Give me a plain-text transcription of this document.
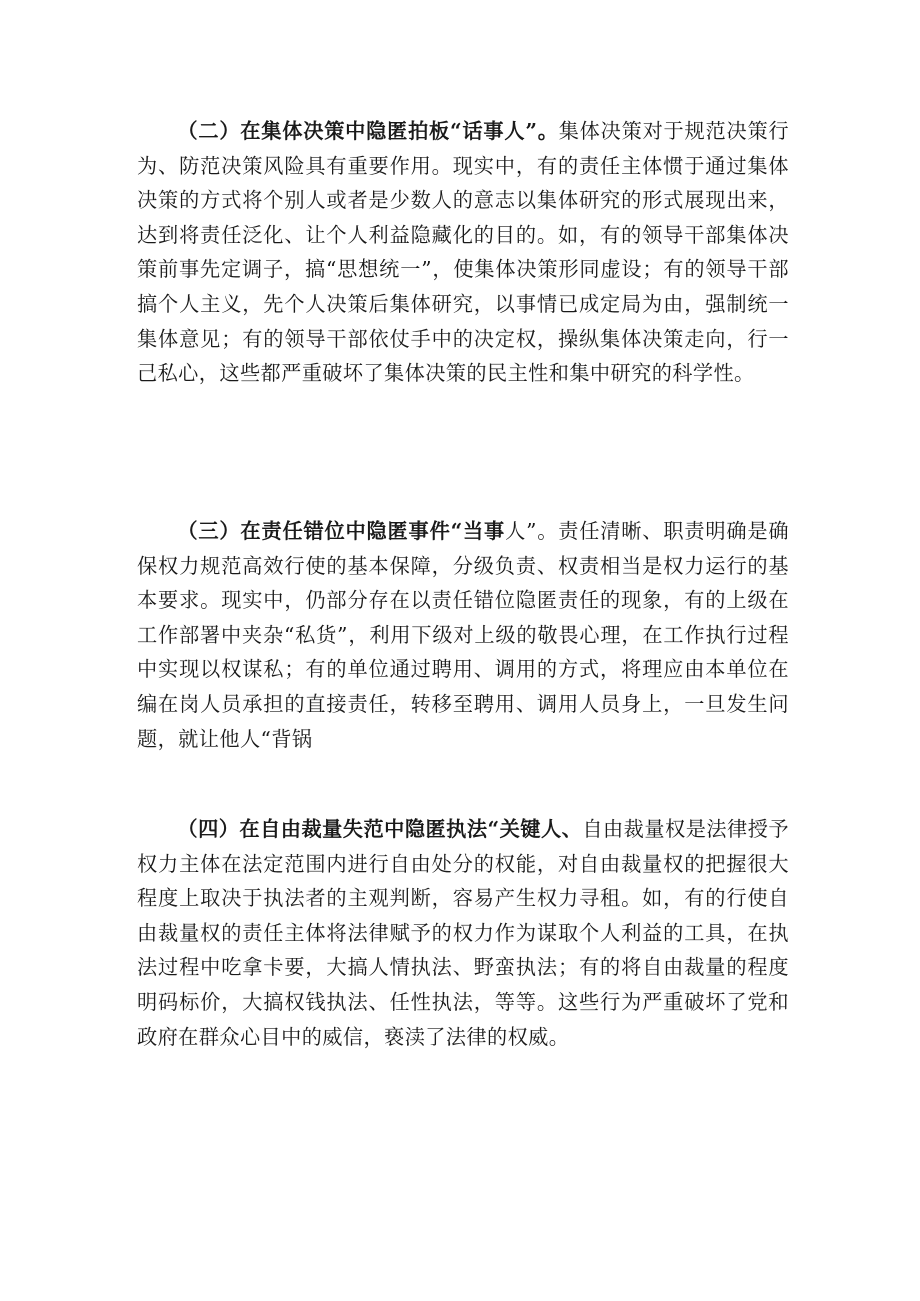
（二）在集体决策中隐匿拍板“话事人”。集体决策对于规范决策行为、防范决策风险具有重要作用。现实中，有的责任主体惯于通过集体决策的方式将个别人或者是少数人的意志以集体研究的形式展现出来，达到将责任泛化、让个人利益隐藏化的目的。如，有的领导干部集体决策前事先定调子，搞“思想统一”，使集体决策形同虚设；有的领导干部搞个人主义，先个人决策后集体研究，以事情已成定局为由，强制统一集体意见；有的领导干部依仗手中的决定权，操纵集体决策走向，行一己私心，这些都严重破坏了集体决策的民主性和集中研究的科学性。

（三）在责任错位中隐匿事件“当事人”。责任清晰、职责明确是确保权力规范高效行使的基本保障，分级负责、权责相当是权力运行的基本要求。现实中，仍部分存在以责任错位隐匿责任的现象，有的上级在工作部署中夹杂“私货”，利用下级对上级的敬畏心理，在工作执行过程中实现以权谋私；有的单位通过聘用、调用的方式，将理应由本单位在编在岗人员承担的直接责任，转移至聘用、调用人员身上，一旦发生问题，就让他人“背锅

（四）在自由裁量失范中隐匿执法“关键人、自由裁量权是法律授予权力主体在法定范围内进行自由处分的权能，对自由裁量权的把握很大程度上取决于执法者的主观判断，容易产生权力寻租。如，有的行使自由裁量权的责任主体将法律赋予的权力作为谋取个人利益的工具，在执法过程中吃拿卡要，大搞人情执法、野蛮执法；有的将自由裁量的程度明码标价，大搞权钱执法、任性执法，等等。这些行为严重破坏了党和政府在群众心目中的威信，亵渎了法律的权威。
